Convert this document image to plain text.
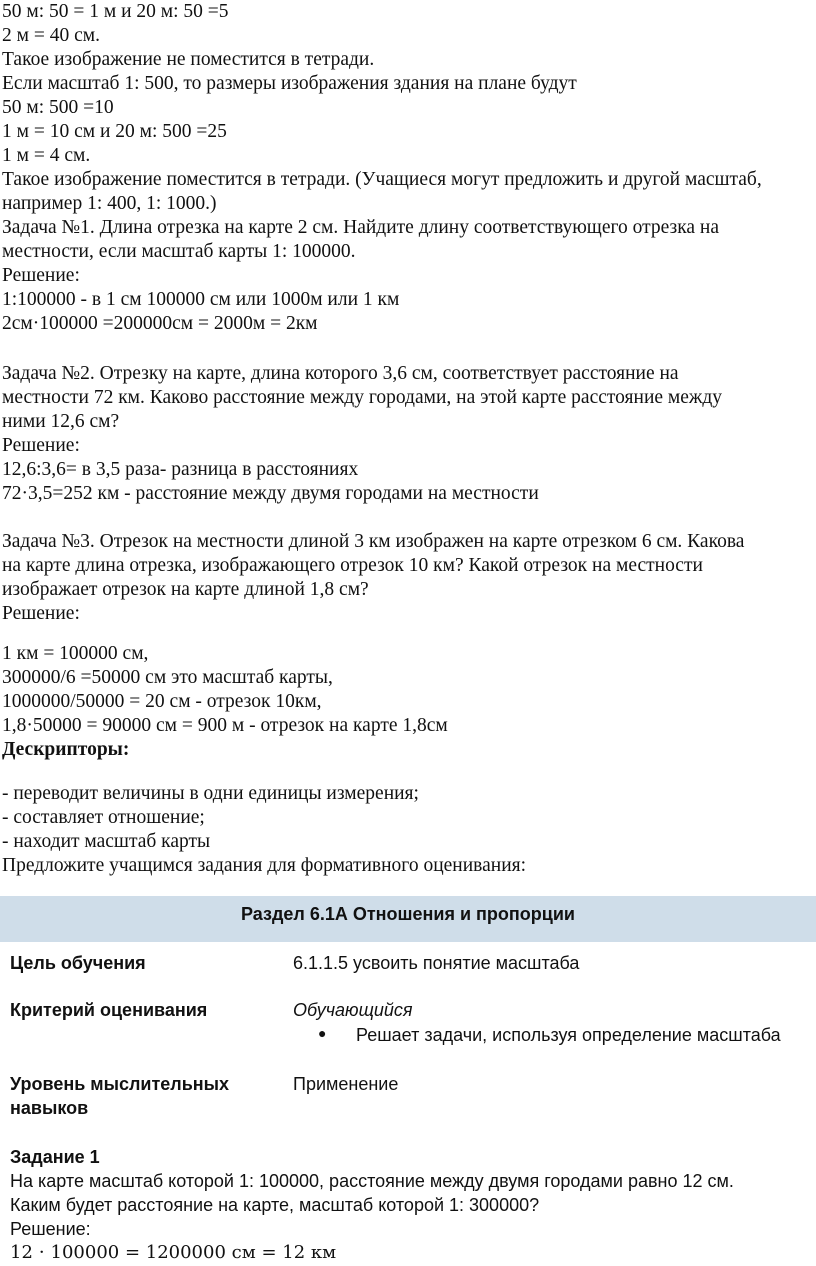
50 м: 50 = 1 м и 20 м: 50 =5
2 м = 40 см.
Такое изображение не поместится в тетради.
Если масштаб 1: 500, то размеры изображения здания на плане будут
50 м: 500 =10
1 м = 10 см и 20 м: 500 =25
1 м = 4 см.
Такое изображение поместится в тетради. (Учащиеся могут предложить и другой масштаб,
например 1: 400, 1: 1000.)
Задача №1. Длина отрезка на карте 2 см. Найдите длину соответствующего отрезка на
местности, если масштаб карты 1: 100000.
Решение:
1:100000 - в 1 см 100000 см или 1000м или 1 км
2см·100000 =200000см = 2000м = 2км
Задача №2. Отрезку на карте, длина которого 3,6 см, соответствует расстояние на
местности 72 км. Каково расстояние между городами, на этой карте расстояние между
ними 12,6 см?
Решение:
12,6:3,6= в 3,5 раза- разница в расстояниях
72·3,5=252 км - расстояние между двумя городами на местности
Задача №3. Отрезок на местности длиной 3 км изображен на карте отрезком 6 см. Какова
на карте длина отрезка, изображающего отрезок 10 км? Какой отрезок на местности
изображает отрезок на карте длиной 1,8 см?
Решение:
1 км = 100000 см,
300000/6 =50000 см это масштаб карты,
1000000/50000 = 20 см - отрезок 10км,
1,8·50000 = 90000 см = 900 м - отрезок на карте 1,8см
Дескрипторы:
- переводит величины в одни единицы измерения;
- составляет отношение;
- находит масштаб карты
Предложите учащимся задания для формативного оценивания:
Раздел 6.1А Отношения и пропорции
Цель обучения	6.1.1.5 усвоить понятие масштаба
Критерий оценивания	Обучающийся
● Решает задачи, используя определение масштаба
Уровень мыслительных
навыков
Применение
Задание 1
На карте масштаб которой 1: 100000, расстояние между двумя городами равно 12 см.
Каким будет расстояние на карте, масштаб которой 1: 300000?
Решение:
12 ⋅ 100000 = 1200000 см = 12 км
